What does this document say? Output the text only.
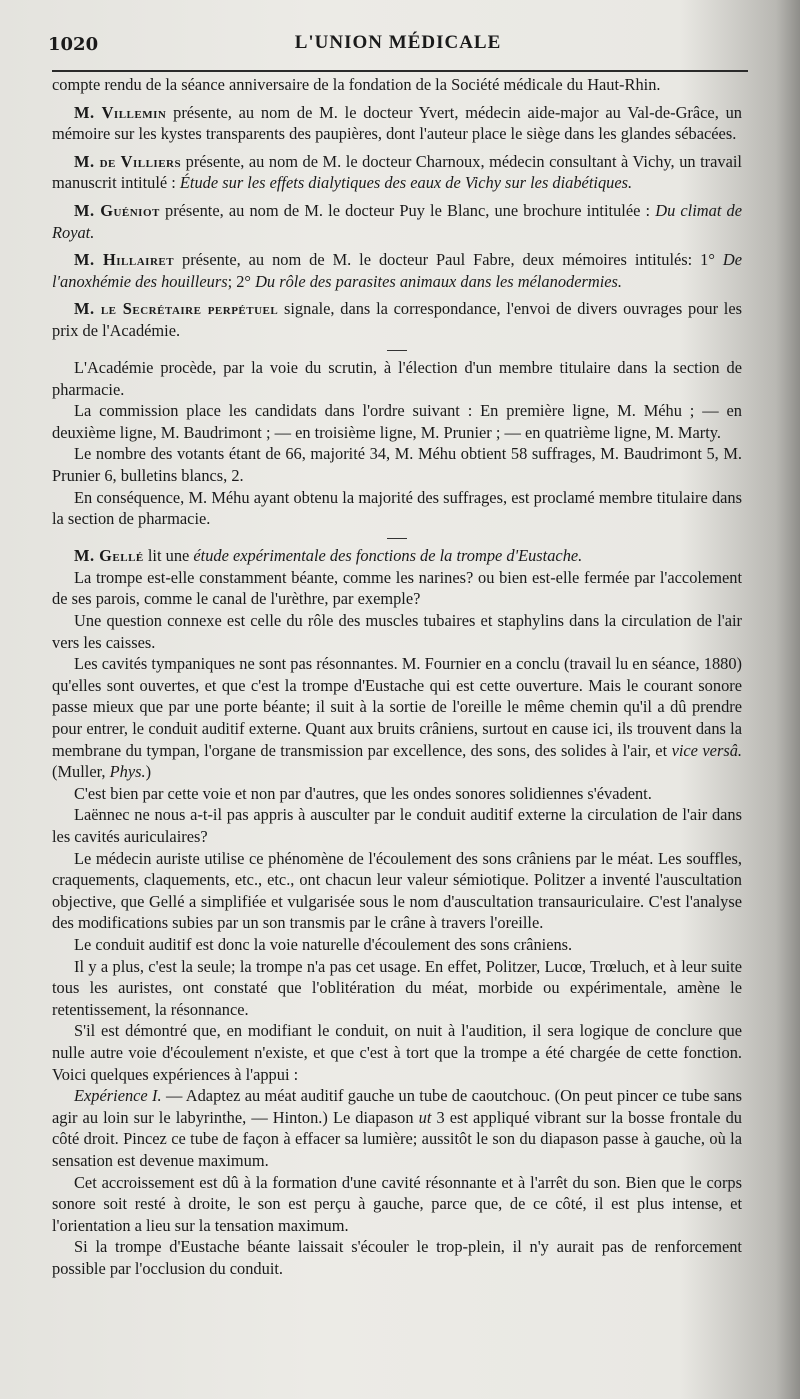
1020	L'UNION MÉDICALE

compte rendu de la séance anniversaire de la fondation de la Société médicale du Haut-Rhin.

M. Villemin présente, au nom de M. le docteur Yvert, médecin aide-major au Val-de-Grâce, un mémoire sur les kystes transparents des paupières, dont l'auteur place le siège dans les glandes sébacées.

M. de Villiers présente, au nom de M. le docteur Charnoux, médecin consultant à Vichy, un travail manuscrit intitulé : Étude sur les effets dialytiques des eaux de Vichy sur les diabétiques.

M. Guéniot présente, au nom de M. le docteur Puy le Blanc, une brochure intitulée : Du climat de Royat.

M. Hillairet présente, au nom de M. le docteur Paul Fabre, deux mémoires intitulés: 1° De l'anoxhémie des houilleurs; 2° Du rôle des parasites animaux dans les mélanodermies.

M. le Secrétaire perpétuel signale, dans la correspondance, l'envoi de divers ouvrages pour les prix de l'Académie.

L'Académie procède, par la voie du scrutin, à l'élection d'un membre titulaire dans la section de pharmacie.

La commission place les candidats dans l'ordre suivant : En première ligne, M. Méhu ; — en deuxième ligne, M. Baudrimont ; — en troisième ligne, M. Prunier ; — en quatrième ligne, M. Marty.

Le nombre des votants étant de 66, majorité 34, M. Méhu obtient 58 suffrages, M. Baudrimont 5, M. Prunier 6, bulletins blancs, 2.

En conséquence, M. Méhu ayant obtenu la majorité des suffrages, est proclamé membre titulaire dans la section de pharmacie.

M. Gellé lit une étude expérimentale des fonctions de la trompe d'Eustache.

La trompe est-elle constamment béante, comme les narines? ou bien est-elle fermée par l'accolement de ses parois, comme le canal de l'urèthre, par exemple?

Une question connexe est celle du rôle des muscles tubaires et staphylins dans la circulation de l'air vers les caisses.

Les cavités tympaniques ne sont pas résonnantes. M. Fournier en a conclu (travail lu en séance, 1880) qu'elles sont ouvertes, et que c'est la trompe d'Eustache qui est cette ouverture. Mais le courant sonore passe mieux que par une porte béante; il suit à la sortie de l'oreille le même chemin qu'il a dû prendre pour entrer, le conduit auditif externe. Quant aux bruits crâniens, surtout en cause ici, ils trouvent dans la membrane du tympan, l'organe de transmission par excellence, des sons, des solides à l'air, et vice versâ. (Muller, Phys.)

C'est bien par cette voie et non par d'autres, que les ondes sonores solidiennes s'évadent.

Laënnec ne nous a-t-il pas appris à ausculter par le conduit auditif externe la circulation de l'air dans les cavités auriculaires?

Le médecin auriste utilise ce phénomène de l'écoulement des sons crâniens par le méat. Les souffles, craquements, claquements, etc., etc., ont chacun leur valeur sémiotique. Politzer a inventé l'auscultation objective, que Gellé a simplifiée et vulgarisée sous le nom d'auscultation transauriculaire. C'est l'analyse des modifications subies par un son transmis par le crâne à travers l'oreille.

Le conduit auditif est donc la voie naturelle d'écoulement des sons crâniens.

Il y a plus, c'est la seule; la trompe n'a pas cet usage. En effet, Politzer, Lucœ, Trœluch, et à leur suite tous les auristes, ont constaté que l'oblitération du méat, morbide ou expérimentale, amène le retentissement, la résonnance.

S'il est démontré que, en modifiant le conduit, on nuit à l'audition, il sera logique de conclure que nulle autre voie d'écoulement n'existe, et que c'est à tort que la trompe a été chargée de cette fonction. Voici quelques expériences à l'appui :

Expérience I. — Adaptez au méat auditif gauche un tube de caoutchouc. (On peut pincer ce tube sans agir au loin sur le labyrinthe, — Hinton.) Le diapason ut 3 est appliqué vibrant sur la bosse frontale du côté droit. Pincez ce tube de façon à effacer sa lumière; aussitôt le son du diapason passe à gauche, où la sensation est devenue maximum.

Cet accroissement est dû à la formation d'une cavité résonnante et à l'arrêt du son. Bien que le corps sonore soit resté à droite, le son est perçu à gauche, parce que, de ce côté, il est plus intense, et l'orientation a lieu sur la tensation maximum.

Si la trompe d'Eustache béante laissait s'écouler le trop-plein, il n'y aurait pas de renforcement possible par l'occlusion du conduit.
